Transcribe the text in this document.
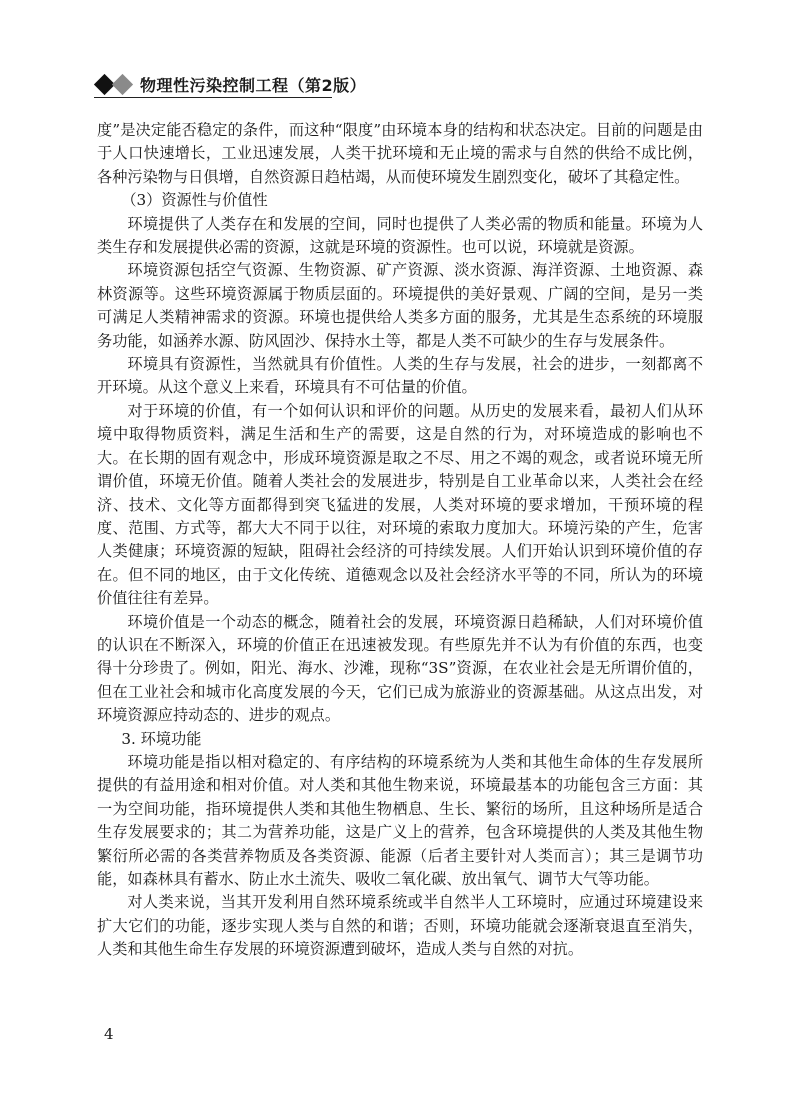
物理性污染控制工程（第2版）

度”是决定能否稳定的条件，而这种“限度”由环境本身的结构和状态决定。目前的问题是由于人口快速增长，工业迅速发展，人类干扰环境和无止境的需求与自然的供给不成比例，各种污染物与日俱增，自然资源日趋枯竭，从而使环境发生剧烈变化，破坏了其稳定性。

（3）资源性与价值性

环境提供了人类存在和发展的空间，同时也提供了人类必需的物质和能量。环境为人类生存和发展提供必需的资源，这就是环境的资源性。也可以说，环境就是资源。

环境资源包括空气资源、生物资源、矿产资源、淡水资源、海洋资源、土地资源、森林资源等。这些环境资源属于物质层面的。环境提供的美好景观、广阔的空间，是另一类可满足人类精神需求的资源。环境也提供给人类多方面的服务，尤其是生态系统的环境服务功能，如涵养水源、防风固沙、保持水土等，都是人类不可缺少的生存与发展条件。

环境具有资源性，当然就具有价值性。人类的生存与发展，社会的进步，一刻都离不开环境。从这个意义上来看，环境具有不可估量的价值。

对于环境的价值，有一个如何认识和评价的问题。从历史的发展来看，最初人们从环境中取得物质资料，满足生活和生产的需要，这是自然的行为，对环境造成的影响也不大。在长期的固有观念中，形成环境资源是取之不尽、用之不竭的观念，或者说环境无所谓价值，环境无价值。随着人类社会的发展进步，特别是自工业革命以来，人类社会在经济、技术、文化等方面都得到突飞猛进的发展，人类对环境的要求增加，干预环境的程度、范围、方式等，都大大不同于以往，对环境的索取力度加大。环境污染的产生，危害人类健康；环境资源的短缺，阻碍社会经济的可持续发展。人们开始认识到环境价值的存在。但不同的地区，由于文化传统、道德观念以及社会经济水平等的不同，所认为的环境价值往往有差异。

环境价值是一个动态的概念，随着社会的发展，环境资源日趋稀缺，人们对环境价值的认识在不断深入，环境的价值正在迅速被发现。有些原先并不认为有价值的东西，也变得十分珍贵了。例如，阳光、海水、沙滩，现称“3S”资源，在农业社会是无所谓价值的，但在工业社会和城市化高度发展的今天，它们已成为旅游业的资源基础。从这点出发，对环境资源应持动态的、进步的观点。

3. 环境功能

环境功能是指以相对稳定的、有序结构的环境系统为人类和其他生命体的生存发展所提供的有益用途和相对价值。对人类和其他生物来说，环境最基本的功能包含三方面：其一为空间功能，指环境提供人类和其他生物栖息、生长、繁衍的场所，且这种场所是适合生存发展要求的；其二为营养功能，这是广义上的营养，包含环境提供的人类及其他生物繁衍所必需的各类营养物质及各类资源、能源（后者主要针对人类而言）；其三是调节功能，如森林具有蓄水、防止水土流失、吸收二氧化碳、放出氧气、调节大气等功能。

对人类来说，当其开发利用自然环境系统或半自然半人工环境时，应通过环境建设来扩大它们的功能，逐步实现人类与自然的和谐；否则，环境功能就会逐渐衰退直至消失，人类和其他生命生存发展的环境资源遭到破坏，造成人类与自然的对抗。

4
